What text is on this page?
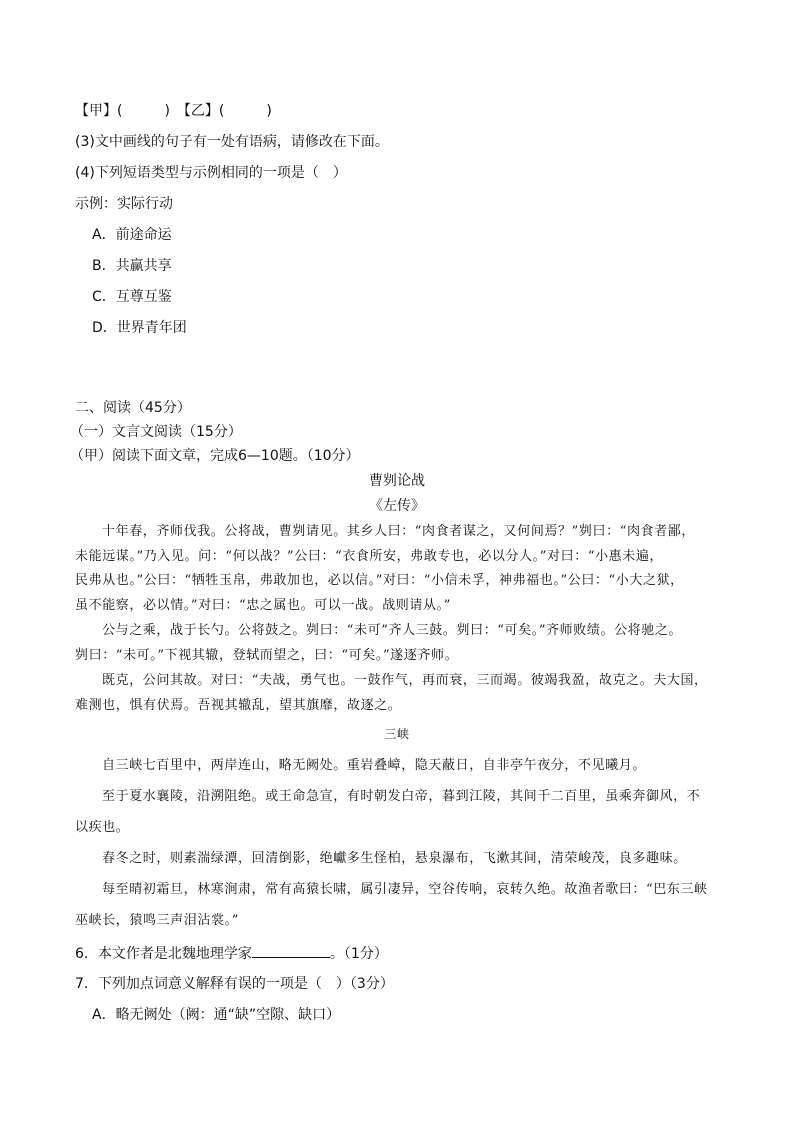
【甲】(　　　)　【乙】(　　　)
(3)文中画线的句子有一处有语病，请修改在下面。
(4)下列短语类型与示例相同的一项是（　）
示例：实际行动
A．前途命运
B．共赢共享
C．互尊互鉴
D．世界青年团
二、阅读（45分）
（一）文言文阅读（15分）
（甲）阅读下面文章，完成6—10题。（10分）
曹刿论战
《左传》
十年春，齐师伐我。公将战，曹刿请见。其乡人曰：“肉食者谋之，又何间焉？”刿曰：“肉食者鄙，
未能远谋。”乃入见。问：“何以战？”公曰：“衣食所安，弗敢专也，必以分人。”对曰：“小惠未遍，
民弗从也。”公曰：“牺牲玉帛，弗敢加也，必以信。”对曰：“小信未孚，神弗福也。”公曰：“小大之狱，
虽不能察，必以情。”对曰：“忠之属也。可以一战。战则请从。”
公与之乘，战于长勺。公将鼓之。刿曰：“未可”齐人三鼓。刿曰：“可矣。”齐师败绩。公将驰之。
刿曰：“未可。”下视其辙，登轼而望之，曰：“可矣。”遂逐齐师。
既克，公问其故。对曰：“夫战，勇气也。一鼓作气，再而衰，三而竭。彼竭我盈，故克之。夫大国，
难测也，惧有伏焉。吾视其辙乱，望其旗靡，故逐之。
三峡
自三峡七百里中，两岸连山，略无阙处。重岩叠嶂，隐天蔽日，自非亭午夜分，不见曦月。
至于夏水襄陵，沿溯阻绝。或王命急宣，有时朝发白帝，暮到江陵，其间千二百里，虽乘奔御风，不
以疾也。
春冬之时，则素湍绿潭，回清倒影，绝巘多生怪柏，悬泉瀑布，飞漱其间，清荣峻茂，良多趣味。
每至晴初霜旦，林寒涧肃，常有高猿长啸，属引凄异，空谷传响，哀转久绝。故渔者歌曰：“巴东三峡
巫峡长，猿鸣三声泪沾裳。”
6．本文作者是北魏地理学家	。（1分）
7．下列加点词意义解释有误的一项是（　）（3分）
A．略无阙处（阙：通“缺”空隙、缺口）
